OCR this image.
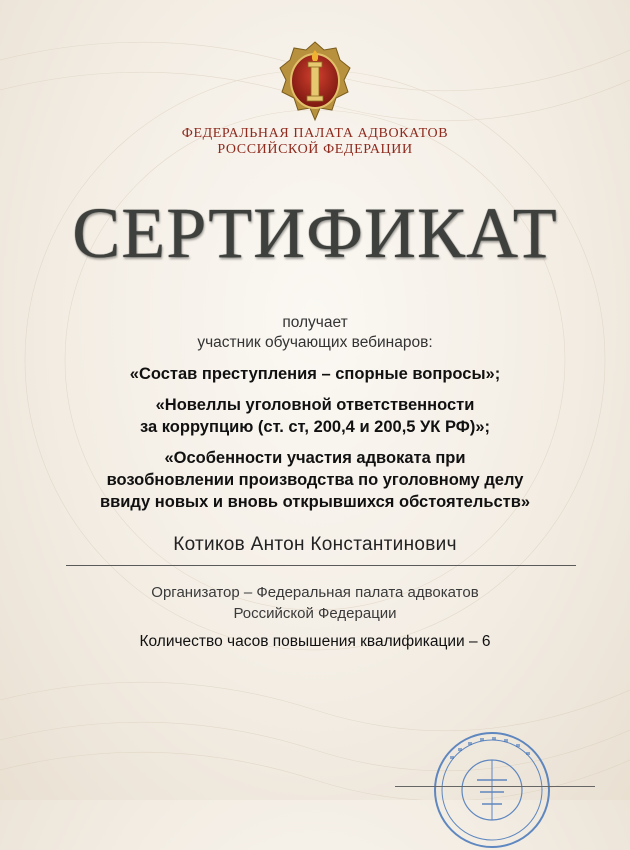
ФЕДЕРАЛЬНАЯ ПАЛАТА АДВОКАТОВ
РОССИЙСКОЙ ФЕДЕРАЦИИ
СЕРТИФИКАТ
получает
участник обучающих вебинаров:
«Состав преступления – спорные вопросы»;
«Новеллы уголовной ответственности
за коррупцию (ст. ст, 200,4 и 200,5 УК РФ)»;
«Особенности участия адвоката при
возобновлении производства по уголовному делу
ввиду новых и вновь открывшихся обстоятельств»
Котиков Антон Константинович
Организатор – Федеральная палата адвокатов
Российской Федерации
Количество часов повышения квалификации – 6
